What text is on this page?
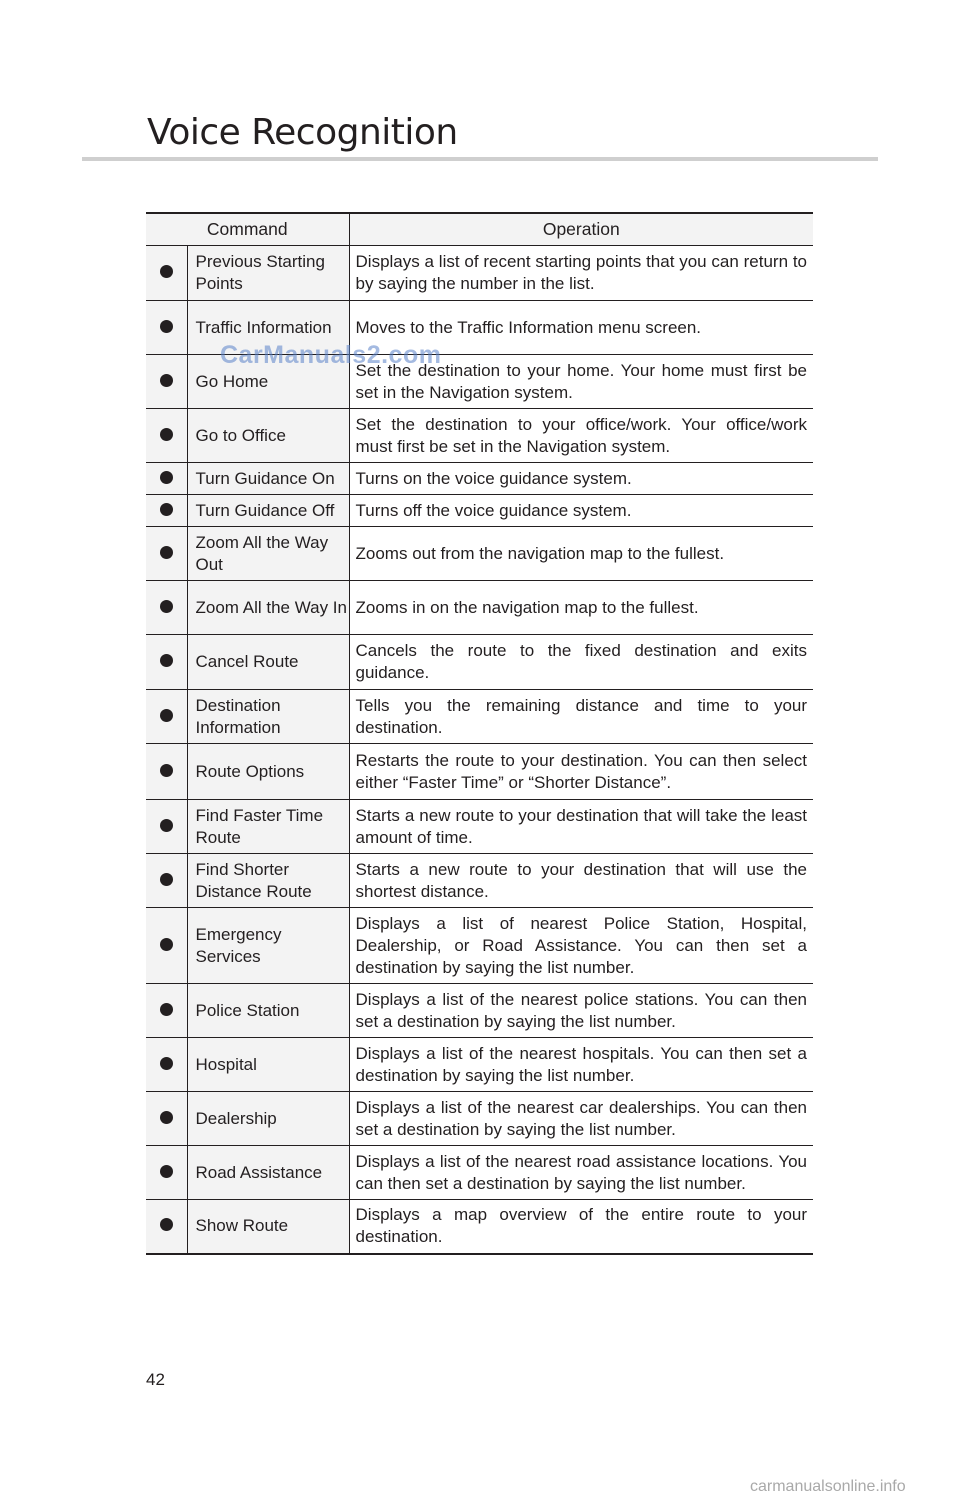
Voice Recognition
Command		Operation
	Previous Starting Points	Displays a list of recent starting points that you can return to by saying the number in the list.
	Traffic Information	Moves to the Traffic Information menu screen.
	Go Home	Set the destination to your home. Your home must first be set in the Navigation system.
	Go to Office	Set the destination to your office/work. Your office/work must first be set in the Navigation system.
	Turn Guidance On	Turns on the voice guidance system.
	Turn Guidance Off	Turns off the voice guidance system.
	Zoom All the Way Out	Zooms out from the navigation map to the fullest.
	Zoom All the Way In	Zooms in on the navigation map to the fullest.
	Cancel Route	Cancels the route to the fixed destination and exits guidance.
	Destination Information	Tells you the remaining distance and time to your destination.
	Route Options	Restarts the route to your destination. You can then select either “Faster Time” or “Shorter Distance”.
	Find Faster Time Route	Starts a new route to your destination that will take the least amount of time.
	Find Shorter Distance Route	Starts a new route to your destination that will use the shortest distance.
	Emergency Services	Displays a list of nearest Police Station, Hospital, Dealership, or Road Assistance. You can then set a destination by saying the list number.
	Police Station	Displays a list of the nearest police stations. You can then set a destination by saying the list number.
	Hospital	Displays a list of the nearest hospitals. You can then set a destination by saying the list number.
	Dealership	Displays a list of the nearest car dealerships. You can then set a destination by saying the list number.
	Road Assistance	Displays a list of the nearest road assistance locations. You can then set a destination by saying the list number.
	Show Route	Displays a map overview of the entire route to your destination.
CarManuals2.com
42
carmanualsonline.info
